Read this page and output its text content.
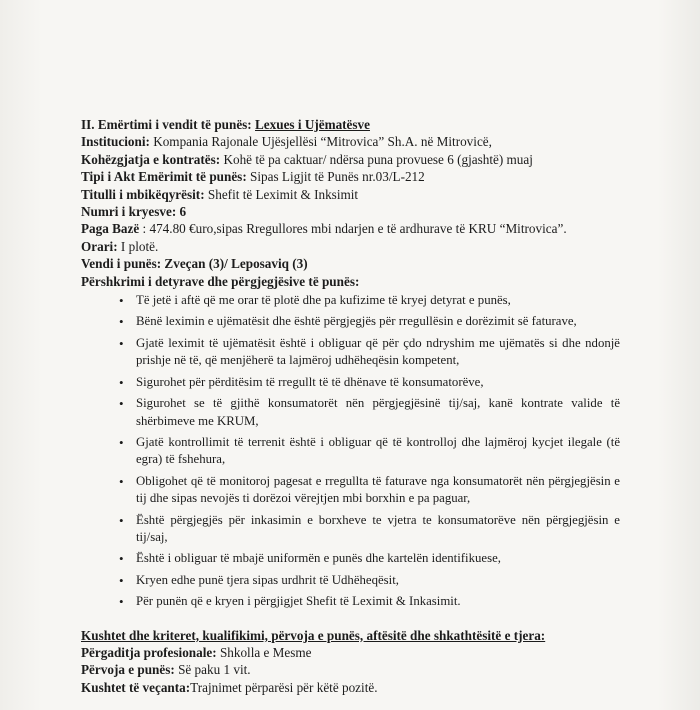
II. Emërtimi i vendit të punës: Lexues i Ujëmatësve
Institucioni: Kompania Rajonale Ujësjellësi “Mitrovica” Sh.A. në Mitrovicë,
Kohëzgjatja e kontratës: Kohë të pa caktuar/ ndërsa puna provuese 6 (gjashtë) muaj
Tipi i Akt Emërimit të punës: Sipas Ligjit të Punës nr.03/L-212
Titulli i mbikëqyrësit: Shefit të Leximit & Inksimit
Numri i kryesve: 6
Paga Bazë : 474.80 €uro,sipas Rregullores mbi ndarjen e të ardhurave të KRU “Mitrovica”.
Orari: I plotë.
Vendi i punës: Zveçan (3)/ Leposaviq (3)
Përshkrimi i detyrave dhe përgjegjësive të punës:
• Të jetë i aftë që me orar të plotë dhe pa kufizime të kryej detyrat e punës,
• Bënë leximin e ujëmatësit dhe është përgjegjës për rregullësin e dorëzimit së faturave,
• Gjatë leximit të ujëmatësit është i obliguar që për çdo ndryshim me ujëmatës si dhe ndonjë prishje në të, që menjëherë ta lajmëroj udhëheqësin kompetent,
• Sigurohet për përditësim të rregullt të të dhënave të konsumatorëve,
• Sigurohet se të gjithë konsumatorët nën përgjegjësinë tij/saj, kanë kontrate valide të shërbimeve me KRUM,
• Gjatë kontrollimit të terrenit është i obliguar që të kontrolloj dhe lajmëroj kycjet ilegale (të egra) të fshehura,
• Obligohet që të monitoroj pagesat e rregullta të faturave nga konsumatorët nën përgjegjësin e tij dhe sipas nevojës ti dorëzoi vërejtjen mbi borxhin e pa paguar,
• Është përgjegjës për inkasimin e borxheve te vjetra te konsumatorëve nën përgjegjësin e tij/saj,
• Është i obliguar të mbajë uniformën e punës dhe kartelën identifikuese,
• Kryen edhe punë tjera sipas urdhrit të Udhëheqësit,
• Për punën që e kryen i përgjigjet Shefit të Leximit & Inkasimit.
Kushtet dhe kriteret, kualifikimi, përvoja e punës, aftësitë dhe shkathtësitë e tjera:
Përgaditja profesionale: Shkolla e Mesme
Përvoja e punës: Së paku 1 vit.
Kushtet të veçanta:Trajnimet përparësi për këtë pozitë.
